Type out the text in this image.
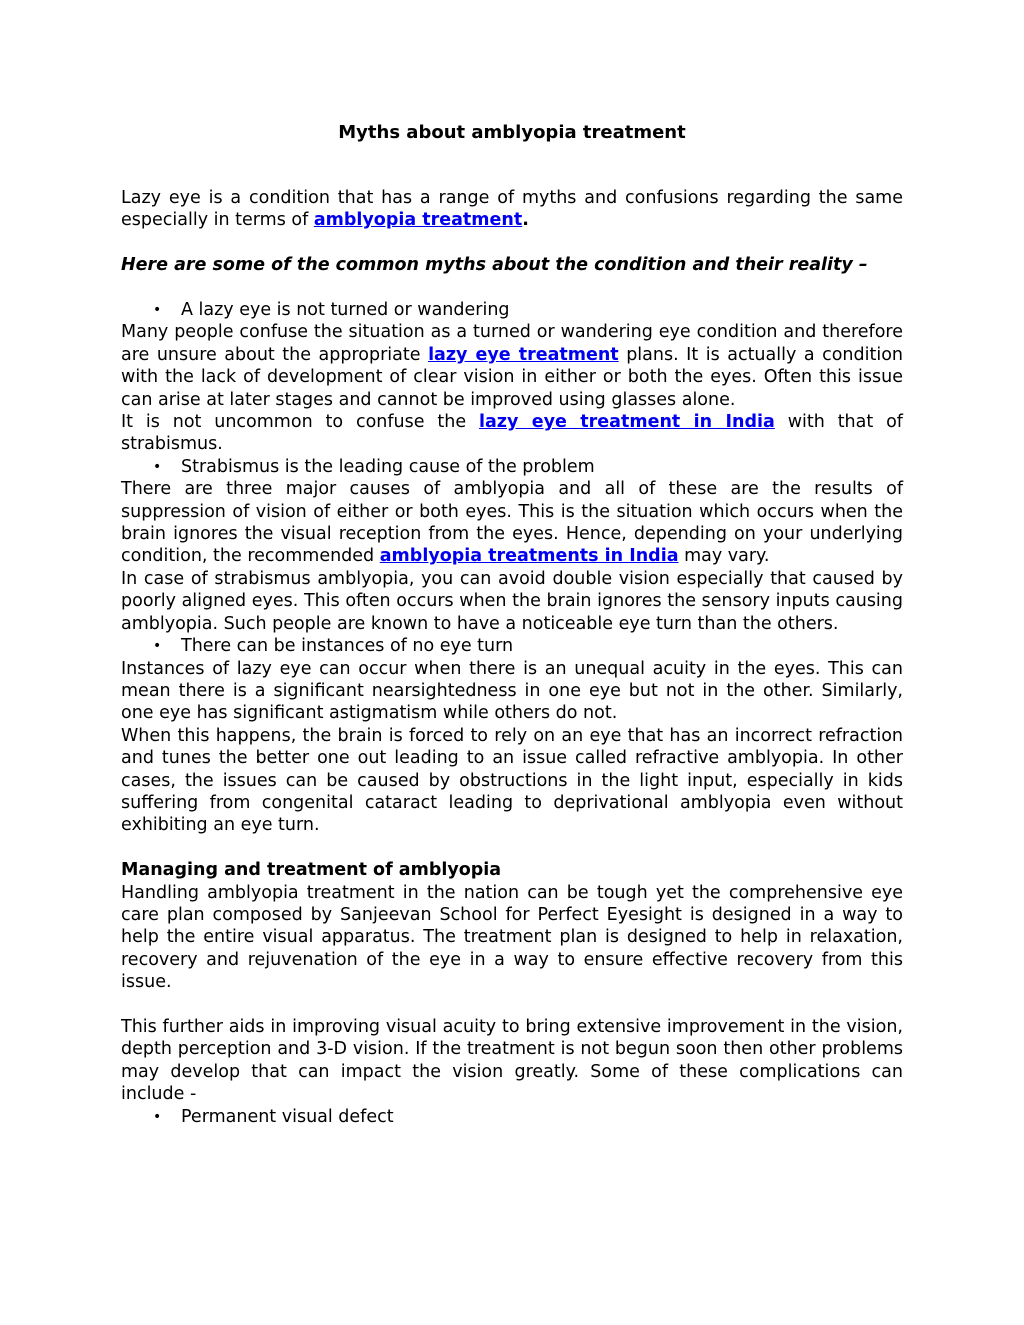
Myths about amblyopia treatment

Lazy eye is a condition that has a range of myths and confusions regarding the same especially in terms of amblyopia treatment.

Here are some of the common myths about the condition and their reality –

• A lazy eye is not turned or wandering

Many people confuse the situation as a turned or wandering eye condition and therefore are unsure about the appropriate lazy eye treatment plans. It is actually a condition with the lack of development of clear vision in either or both the eyes. Often this issue can arise at later stages and cannot be improved using glasses alone.

It is not uncommon to confuse the lazy eye treatment in India with that of strabismus.

• Strabismus is the leading cause of the problem

There are three major causes of amblyopia and all of these are the results of suppression of vision of either or both eyes. This is the situation which occurs when the brain ignores the visual reception from the eyes. Hence, depending on your underlying condition, the recommended amblyopia treatments in India may vary.

In case of strabismus amblyopia, you can avoid double vision especially that caused by poorly aligned eyes. This often occurs when the brain ignores the sensory inputs causing amblyopia. Such people are known to have a noticeable eye turn than the others.

• There can be instances of no eye turn

Instances of lazy eye can occur when there is an unequal acuity in the eyes. This can mean there is a significant nearsightedness in one eye but not in the other. Similarly, one eye has significant astigmatism while others do not.

When this happens, the brain is forced to rely on an eye that has an incorrect refraction and tunes the better one out leading to an issue called refractive amblyopia. In other cases, the issues can be caused by obstructions in the light input, especially in kids suffering from congenital cataract leading to deprivational amblyopia even without exhibiting an eye turn.

Managing and treatment of amblyopia

Handling amblyopia treatment in the nation can be tough yet the comprehensive eye care plan composed by Sanjeevan School for Perfect Eyesight is designed in a way to help the entire visual apparatus. The treatment plan is designed to help in relaxation, recovery and rejuvenation of the eye in a way to ensure effective recovery from this issue.

This further aids in improving visual acuity to bring extensive improvement in the vision, depth perception and 3-D vision. If the treatment is not begun soon then other problems may develop that can impact the vision greatly. Some of these complications can include -

• Permanent visual defect
